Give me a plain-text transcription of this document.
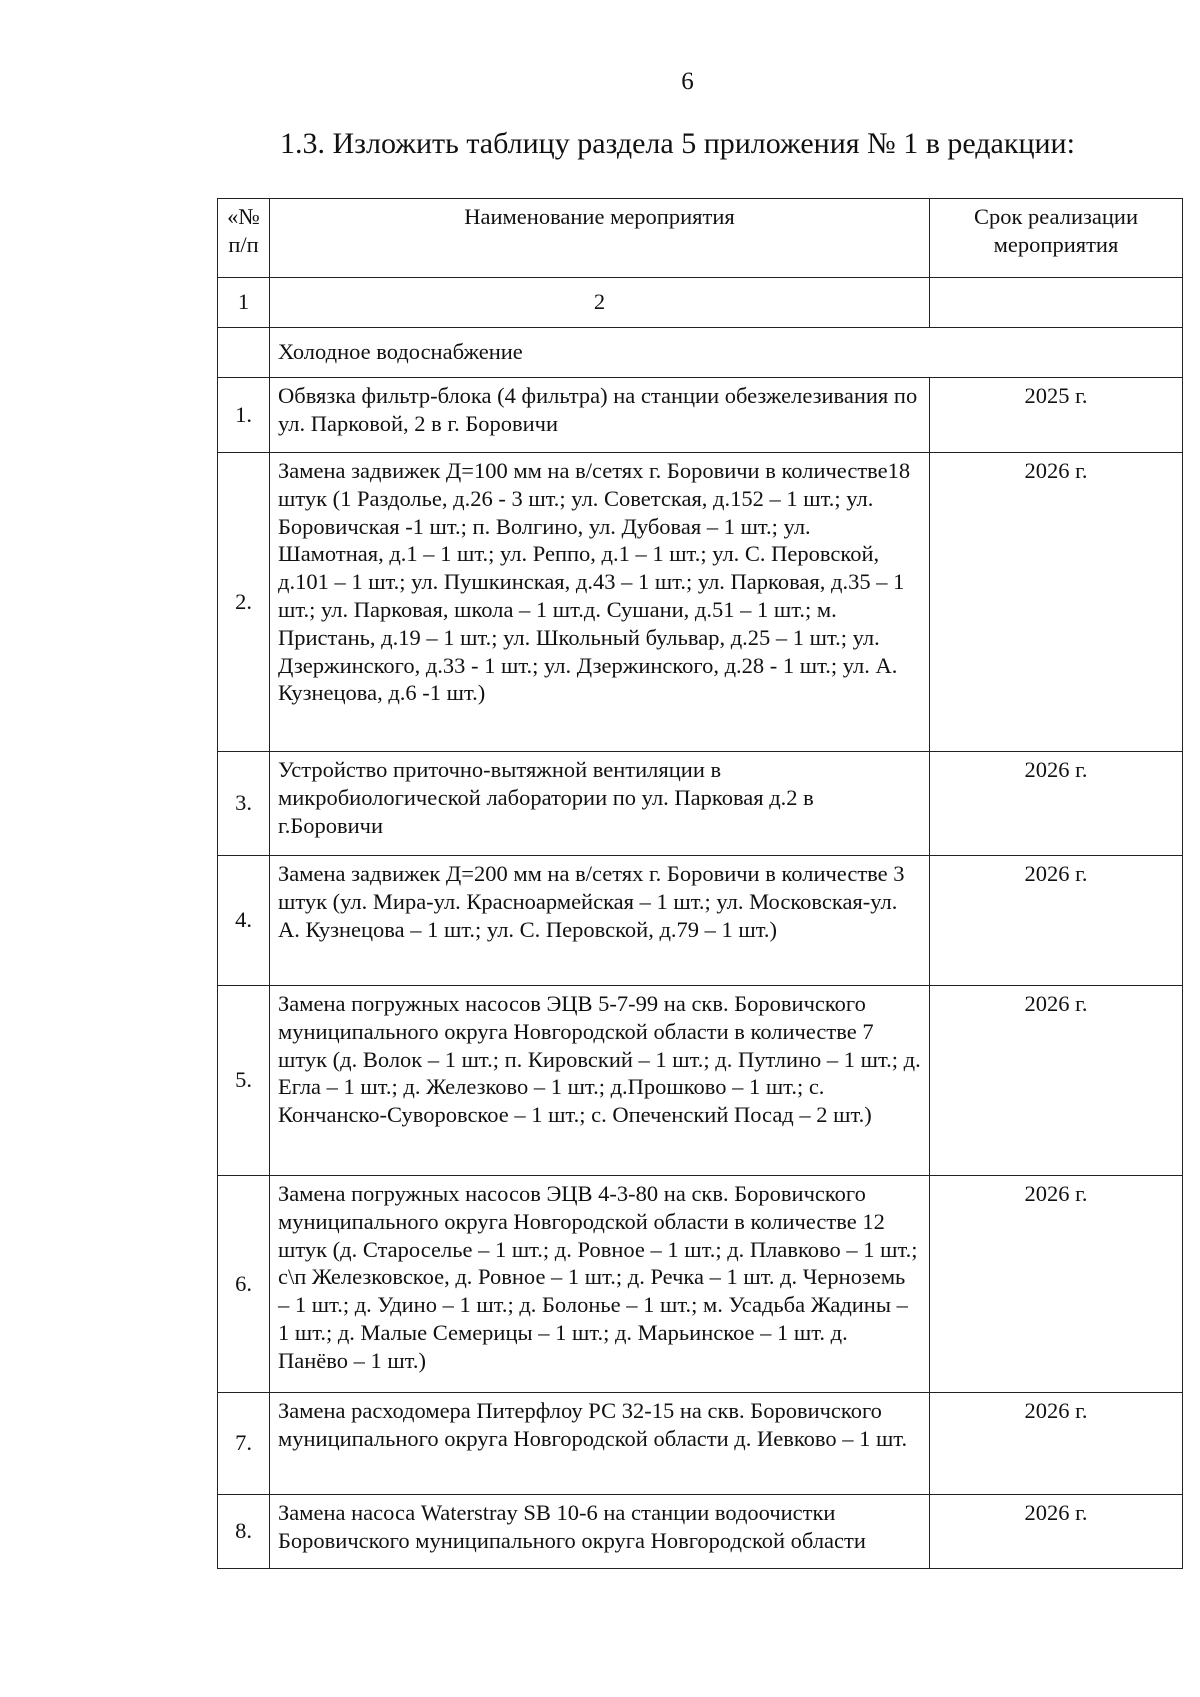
6
1.3. Изложить таблицу раздела 5 приложения № 1 в редакции:
«№ п/п	Наименование мероприятия	Срок реализации мероприятия
1	2	
	Холодное водоснабжение	
1.	Обвязка фильтр-блока (4 фильтра) на станции обезжелезивания по ул. Парковой, 2 в г. Боровичи	2025 г.
2.	Замена задвижек Д=100 мм на в/сетях г. Боровичи в количестве18 штук (1 Раздолье, д.26 - 3 шт.; ул. Советская, д.152 – 1 шт.; ул. Боровичская -1 шт.; п. Волгино, ул. Дубовая – 1 шт.; ул. Шамотная, д.1 – 1 шт.; ул. Реппо, д.1 – 1 шт.; ул. С. Перовской, д.101 – 1 шт.; ул. Пушкинская, д.43 – 1 шт.; ул. Парковая, д.35 – 1 шт.; ул. Парковая, школа – 1 шт.д. Сушани, д.51 – 1 шт.; м. Пристань, д.19 – 1 шт.; ул. Школьный бульвар, д.25 – 1 шт.; ул. Дзержинского, д.33 - 1 шт.; ул. Дзержинского, д.28 - 1 шт.; ул. А. Кузнецова, д.6 -1 шт.)	2026 г.
3.	Устройство приточно-вытяжной вентиляции в микробиологической лаборатории по ул. Парковая д.2 в г.Боровичи	2026 г.
4.	Замена задвижек Д=200 мм на в/сетях г. Боровичи в количестве 3 штук (ул. Мира-ул. Красноармейская – 1 шт.; ул. Московская-ул. А. Кузнецова – 1 шт.; ул. С. Перовской, д.79 – 1 шт.)	2026 г.
5.	Замена погружных насосов ЭЦВ 5-7-99 на скв. Боровичского муниципального округа Новгородской области в количестве 7 штук (д. Волок – 1 шт.; п. Кировский – 1 шт.; д. Путлино – 1 шт.; д. Егла – 1 шт.; д. Железково – 1 шт.; д.Прошково – 1 шт.; с. Кончанско-Суворовское – 1 шт.; с. Опеченский Посад – 2 шт.)	2026 г.
6.	Замена погружных насосов ЭЦВ 4-3-80 на скв. Боровичского муниципального округа Новгородской области в количестве 12 штук (д. Староселье – 1 шт.; д. Ровное – 1 шт.; д. Плавково – 1 шт.; с\п Железковское, д. Ровное – 1 шт.; д. Речка – 1 шт. д. Черноземь – 1 шт.; д. Удино – 1 шт.; д. Болонье – 1 шт.; м. Усадьба Жадины – 1 шт.; д. Малые Семерицы – 1 шт.; д. Марьинское – 1 шт. д. Панёво – 1 шт.)	2026 г.
7.	Замена расходомера Питерфлоу РС 32-15 на скв. Боровичского муниципального округа Новгородской области д. Иевково – 1 шт.	2026 г.
8.	Замена насоса Waterstray SB 10-6 на станции водоочистки Боровичского муниципального округа Новгородской области	2026 г.
